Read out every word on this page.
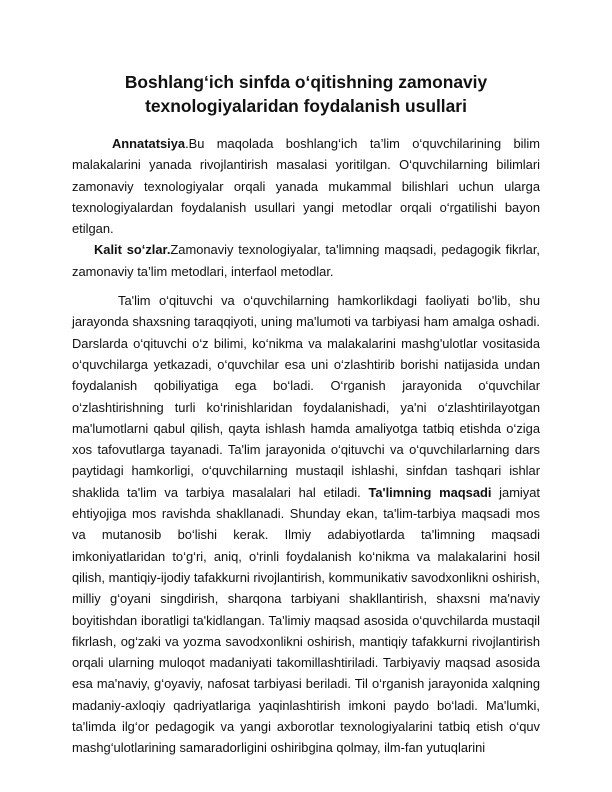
Boshlang‘ich sinfda o‘qitishning zamonaviy texnologiyalaridan foydalanish usullari

Annatatsiya.Bu maqolada boshlang‘ich ta’lim o‘quvchilarining bilim malakalarini yanada rivojlantirish masalasi yoritilgan. O‘quvchilarning bilimlari zamonaviy texnologiyalar orqali yanada mukammal bilishlari uchun ularga texnologiyalardan foydalanish usullari yangi metodlar orqali o‘rgatilishi bayon etilgan.

Kalit so‘zlar.Zamonaviy texnologiyalar, ta'limning maqsadi, pedagogik fikrlar, zamonaviy ta’lim metodlari, interfaol metodlar.

Ta'lim o‘qituvchi va o‘quvchilarning hamkorlikdagi faoliyati bo'lib, shu jarayonda shaxsning taraqqiyoti, uning ma'lumoti va tarbiyasi ham amalga oshadi. Darslarda o‘qituvchi o‘z bilimi, ko‘nikma va malakalarini mashg'ulotlar vositasida o‘quvchilarga yetkazadi, o‘quvchilar esa uni o‘zlashtirib borishi natijasida undan foydalanish qobiliyatiga ega bo‘ladi. O‘rganish jarayonida o‘quvchilar o‘zlashtirishning turli ko‘rinishlaridan foydalanishadi, ya'ni o‘zlashtirilayotgan ma'lumotlarni qabul qilish, qayta ishlash hamda amaliyotga tatbiq etishda o‘ziga xos tafovutlarga tayanadi. Ta'lim jarayonida o‘qituvchi va o‘quvchilarlarning dars paytidagi hamkorligi, o‘quvchilarning mustaqil ishlashi, sinfdan tashqari ishlar shaklida ta'lim va tarbiya masalalari hal etiladi. Ta'limning maqsadi jamiyat ehtiyojiga mos ravishda shakllanadi. Shunday ekan, ta'lim-tarbiya maqsadi mos va mutanosib bo‘lishi kerak. Ilmiy adabiyotlarda ta'limning maqsadi imkoniyatlaridan to‘g‘ri, aniq, o‘rinli foydalanish ko‘nikma va malakalarini hosil qilish, mantiqiy-ijodiy tafakkurni rivojlantirish, kommunikativ savodxonlikni oshirish, milliy g‘oyani singdirish, sharqona tarbiyani shakllantirish, shaxsni ma'naviy boyitishdan iboratligi ta'kidlangan. Ta'limiy maqsad asosida o‘quvchilarda mustaqil fikrlash, og‘zaki va yozma savodxonlikni oshirish, mantiqiy tafakkurni rivojlantirish orqali ularning muloqot madaniyati takomillashtiriladi. Tarbiyaviy maqsad asosida esa ma'naviy, g‘oyaviy, nafosat tarbiyasi beriladi. Til o‘rganish jarayonida xalqning madaniy-axloqiy qadriyatlariga yaqinlashtirish imkoni paydo bo‘ladi. Ma'lumki, ta'limda ilg‘or pedagogik va yangi axborotlar texnologiyalarini tatbiq etish o‘quv mashg‘ulotlarining samaradorligini oshiribgina qolmay, ilm-fan yutuqlarini
